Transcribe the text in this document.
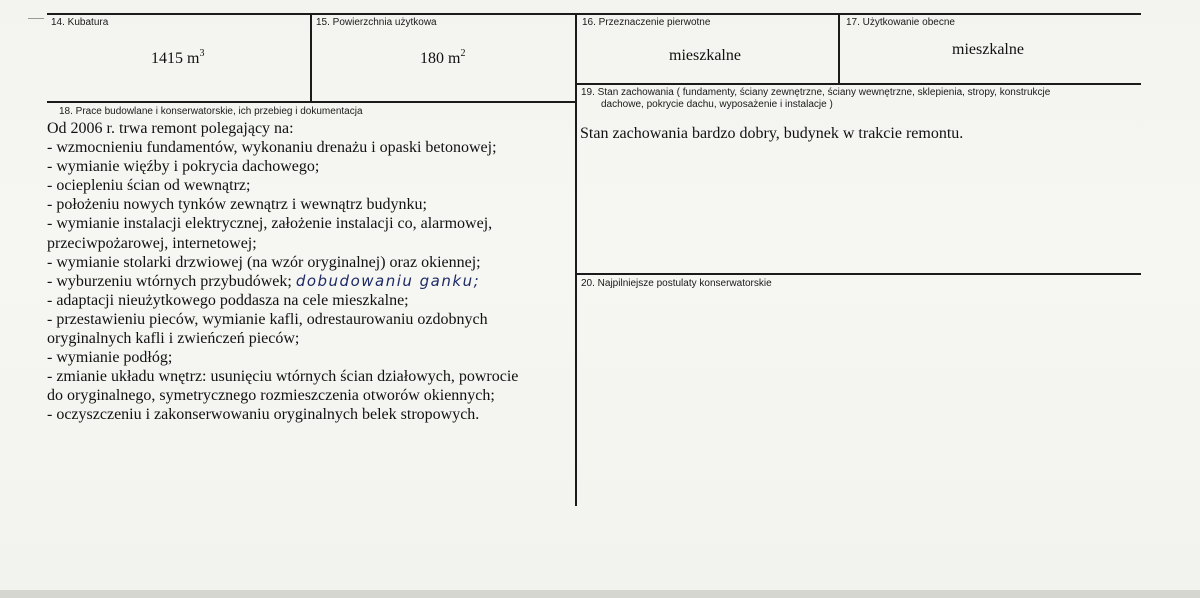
14. Kubatura
1415 $m^3$
15. Powierzchnia użytkowa
180 $m^2$
16. Przeznaczenie pierwotne
mieszkalne
17. Użytkowanie obecne
mieszkalne
18. Prace budowlane i konserwatorskie, ich przebieg i dokumentacja
Od 2006 r. trwa remont polegający na:
- wzmocnieniu fundamentów, wykonaniu drenażu i opaski betonowej;
- wymianie więźby i pokrycia dachowego;
- ociepleniu ścian od wewnątrz;
- położeniu nowych tynków zewnątrz i wewnątrz budynku;
- wymianie instalacji elektrycznej, założenie instalacji co, alarmowej,
przeciwpożarowej, internetowej;
- wymianie stolarki drzwiowej (na wzór oryginalnej) oraz okiennej;
- wyburzeniu wtórnych przybudówek; dobudowaniu ganku;
- adaptacji nieużytkowego poddasza na cele mieszkalne;
- przestawieniu pieców, wymianie kafli, odrestaurowaniu ozdobnych
oryginalnych kafli i zwieńczeń pieców;
- wymianie podłóg;
- zmianie układu wnętrz: usunięciu wtórnych ścian działowych, powrocie
do oryginalnego, symetrycznego rozmieszczenia otworów okiennych;
- oczyszczeniu i zakonserwowaniu oryginalnych belek stropowych.
19. Stan zachowania ( fundamenty, ściany zewnętrzne, ściany wewnętrzne, sklepienia, stropy, konstrukcje
dachowe, pokrycie dachu, wyposażenie i instalacje )
Stan zachowania bardzo dobry, budynek w trakcie remontu.
20. Najpilniejsze postulaty konserwatorskie
